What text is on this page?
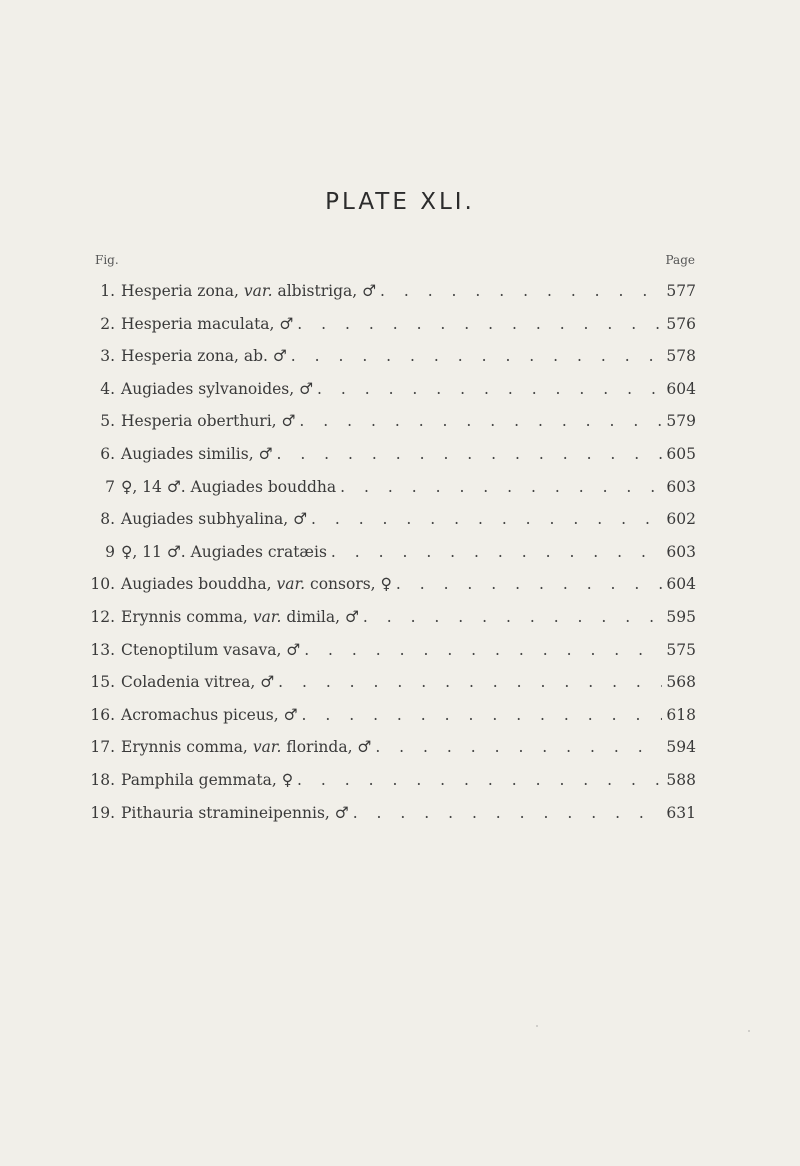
PLATE XLI.
Fig.	Page
1. Hesperia zona, var. albistriga, ♂ . . .	577
2. Hesperia maculata, ♂ . . .	576
3. Hesperia zona, ab. ♂ . . .	578
4. Augiades sylvanoides, ♂ . . .	604
5. Hesperia oberthuri, ♂ . . .	579
6. Augiades similis, ♂ . . .	605
7 ♀, 14 ♂. Augiades bouddha . . .	603
8. Augiades subhyalina, ♂ . . .	602
9 ♀, 11 ♂. Augiades cratæis . . .	603
10. Augiades bouddha, var. consors, ♀ . . .	604
12. Erynnis comma, var. dimila, ♂ . . .	595
13. Ctenoptilum vasava, ♂ . . .	575
15. Coladenia vitrea, ♂ . . .	568
16. Acromachus piceus, ♂ . . .	618
17. Erynnis comma, var. florinda, ♂ . . .	594
18. Pamphila gemmata, ♀ . . .	588
19. Pithauria stramineipennis, ♂ . . .	631
